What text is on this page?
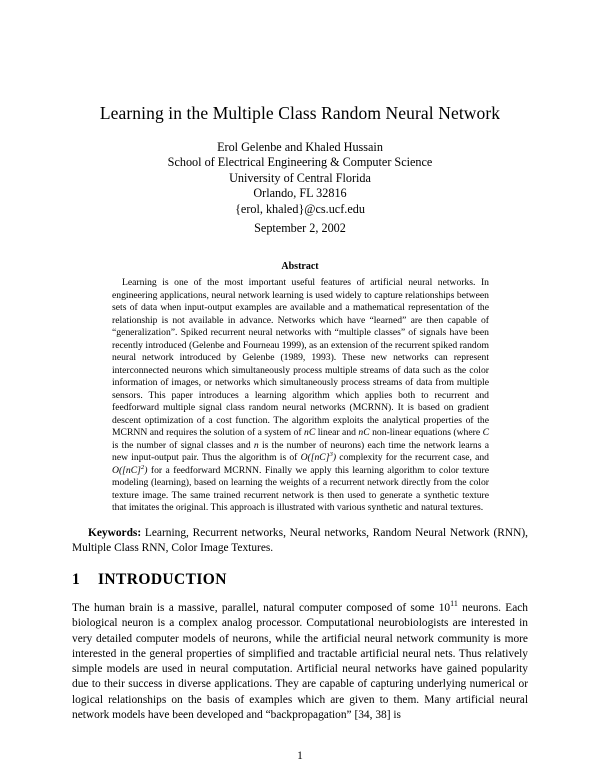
Learning in the Multiple Class Random Neural Network
Erol Gelenbe and Khaled Hussain
School of Electrical Engineering & Computer Science
University of Central Florida
Orlando, FL 32816
{erol, khaled}@cs.ucf.edu
September 2, 2002
Abstract

Learning is one of the most important useful features of artificial neural networks. In engineering applications, neural network learning is used widely to capture relationships between sets of data when input-output examples are available and a mathematical representation of the relationship is not available in advance. Networks which have “learned” are then capable of “generalization”. Spiked recurrent neural networks with “multiple classes” of signals have been recently introduced (Gelenbe and Fourneau 1999), as an extension of the recurrent spiked random neural network introduced by Gelenbe (1989, 1993). These new networks can represent interconnected neurons which simultaneously process multiple streams of data such as the color information of images, or networks which simultaneously process streams of data from multiple sensors. This paper introduces a learning algorithm which applies both to recurrent and feedforward multiple signal class random neural networks (MCRNN). It is based on gradient descent optimization of a cost function. The algorithm exploits the analytical properties of the MCRNN and requires the solution of a system of nC linear and nC non-linear equations (where C is the number of signal classes and n is the number of neurons) each time the network learns a new input-output pair. Thus the algorithm is of O([nC]$^3$) complexity for the recurrent case, and O([nC]$^2$) for a feedforward MCRNN. Finally we apply this learning algorithm to color texture modeling (learning), based on learning the weights of a recurrent network directly from the color texture image. The same trained recurrent network is then used to generate a synthetic texture that imitates the original. This approach is illustrated with various synthetic and natural textures.

Keywords: Learning, Recurrent networks, Neural networks, Random Neural Network (RNN), Multiple Class RNN, Color Image Textures.

1 INTRODUCTION

The human brain is a massive, parallel, natural computer composed of some $10^{11}$ neurons. Each biological neuron is a complex analog processor. Computational neurobiologists are interested in very detailed computer models of neurons, while the artificial neural network community is more interested in the general properties of simplified and tractable artificial neural nets. Thus relatively simple models are used in neural computation. Artificial neural networks have gained popularity due to their success in diverse applications. They are capable of capturing underlying numerical or logical relationships on the basis of examples which are given to them. Many artificial neural network models have been developed and “backpropagation” [34, 38] is

1
